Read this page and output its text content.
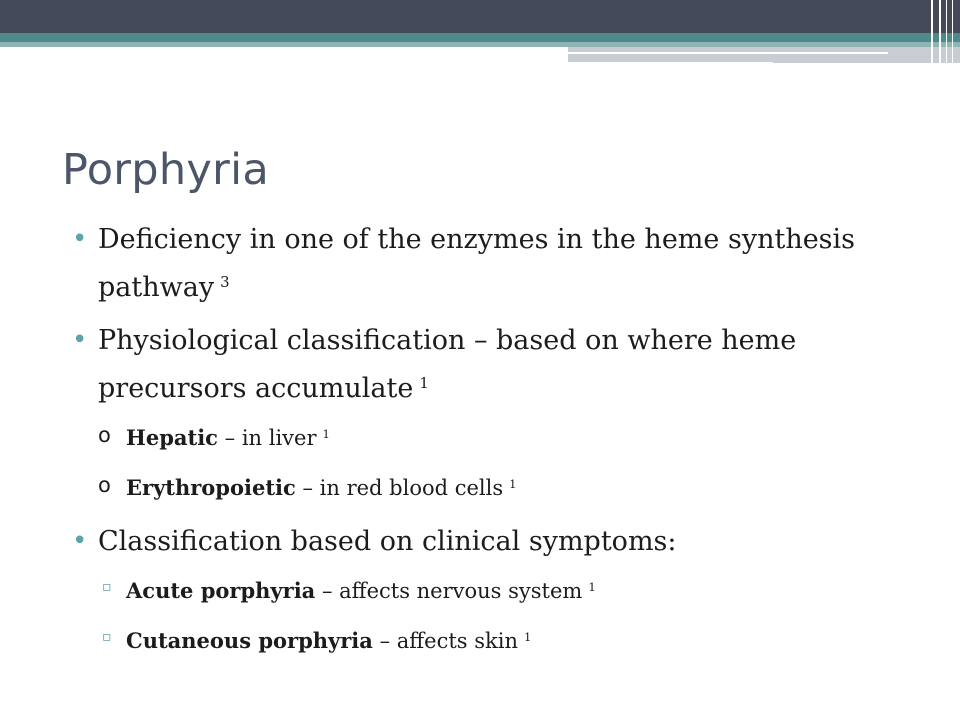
Porphyria
• Deficiency in one of the enzymes in the heme synthesis pathway $^3$
• Physiological classification – based on where heme precursors accumulate $^1$
o Hepatic – in liver $^1$
o Erythropoietic – in red blood cells $^1$
• Classification based on clinical symptoms:
▫ Acute porphyria – affects nervous system $^1$
▫ Cutaneous porphyria – affects skin $^1$
